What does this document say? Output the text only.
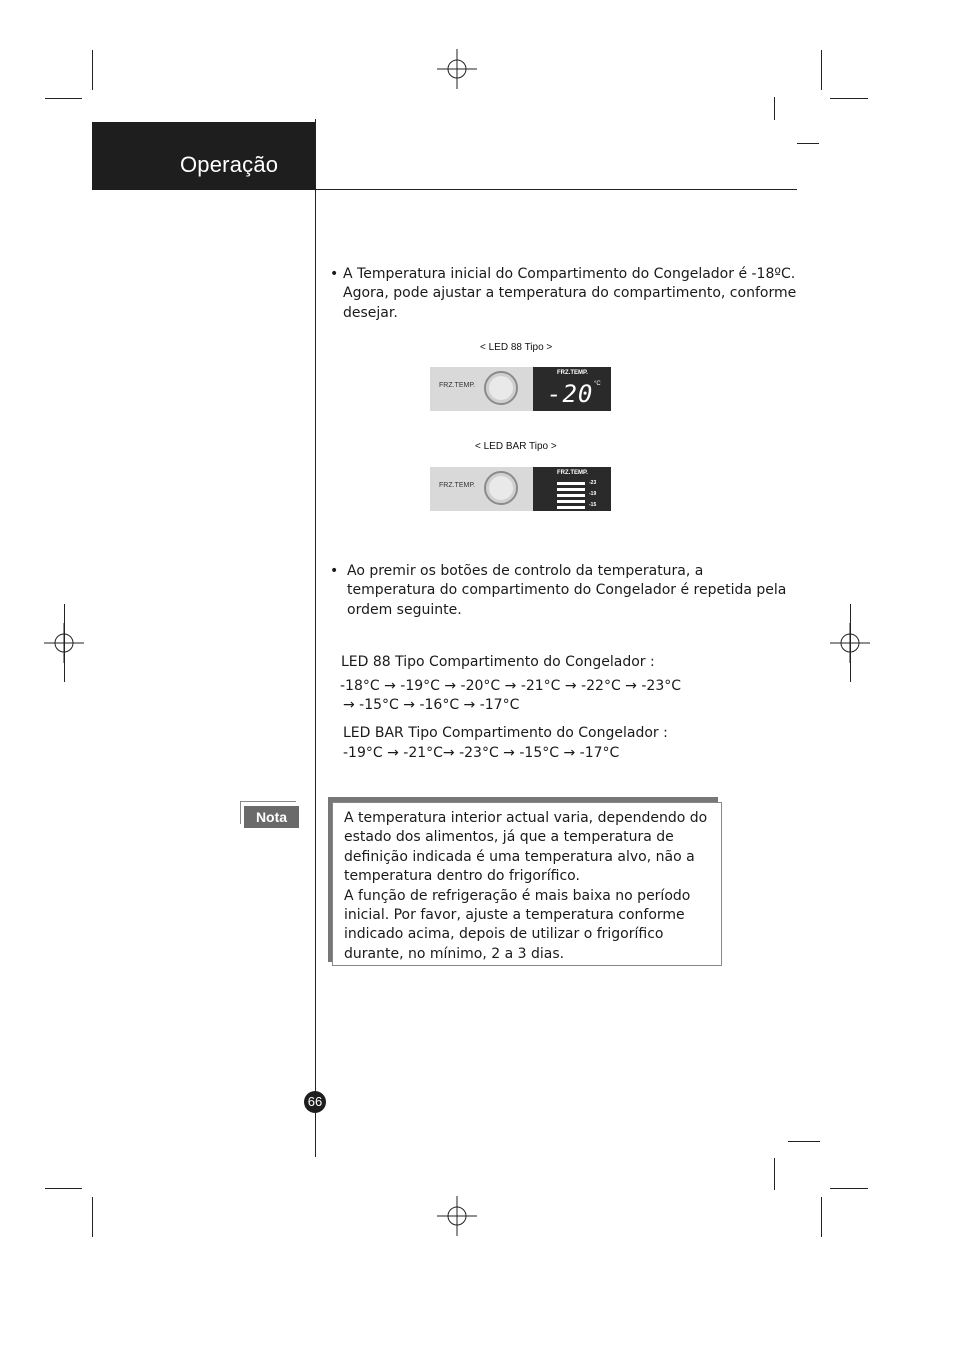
Operação
• A Temperatura inicial do Compartimento do Congelador é -18ºC. Agora, pode ajustar a temperatura do compartimento, conforme desejar.

< LED 88 Tipo >
FRZ.TEMP.
FRZ.TEMP.
-20 °C
< LED BAR Tipo >
FRZ.TEMP.
FRZ.TEMP.
-23
-19
-15
• Ao premir os botões de controlo da temperatura, a temperatura do compartimento do Congelador é repetida pela ordem seguinte.

LED 88 Tipo Compartimento do Congelador :
-18°C → -19°C → -20°C → -21°C → -22°C → -23°C
→ -15°C → -16°C → -17°C
LED BAR Tipo Compartimento do Congelador :
-19°C → -21°C→ -23°C → -15°C → -17°C
Nota	A temperatura interior actual varia, dependendo do estado dos alimentos, já que a temperatura de definição indicada é uma temperatura alvo, não a temperatura dentro do frigorífico.

A função de refrigeração é mais baixa no período inicial. Por favor, ajuste a temperatura conforme indicado acima, depois de utilizar o frigorífico durante, no mínimo, 2 a 3 dias.

66
